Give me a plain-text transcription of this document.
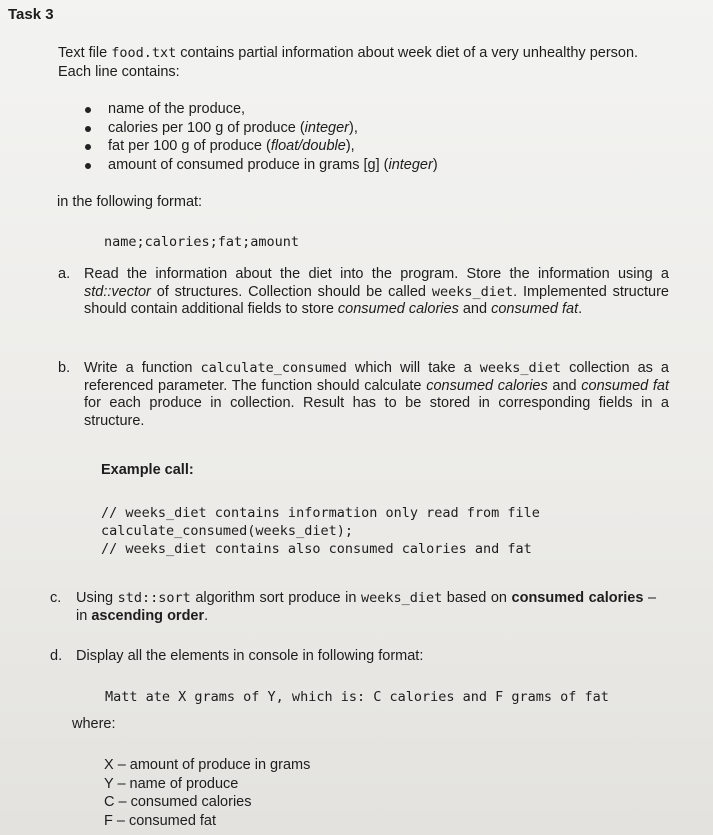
Task 3
Text file food.txt contains partial information about week diet of a very unhealthy person. Each line contains:
name of the produce,
calories per 100 g of produce (integer),
fat per 100 g of produce (float/double),
amount of consumed produce in grams [g] (integer)
in the following format:
name;calories;fat;amount
a. Read the information about the diet into the program. Store the information using a std::vector of structures. Collection should be called weeks_diet. Implemented structure should contain additional fields to store consumed calories and consumed fat.
b. Write a function calculate_consumed which will take a weeks_diet collection as a referenced parameter. The function should calculate consumed calories and consumed fat for each produce in collection. Result has to be stored in corresponding fields in a structure.
Example call:
// weeks_diet contains information only read from file
calculate_consumed(weeks_diet);
// weeks_diet contains also consumed calories and fat
c. Using std::sort algorithm sort produce in weeks_diet based on consumed calories – in ascending order.
d. Display all the elements in console in following format:
Matt ate X grams of Y, which is: C calories and F grams of fat
where:
X – amount of produce in grams
Y – name of produce
C – consumed calories
F – consumed fat
